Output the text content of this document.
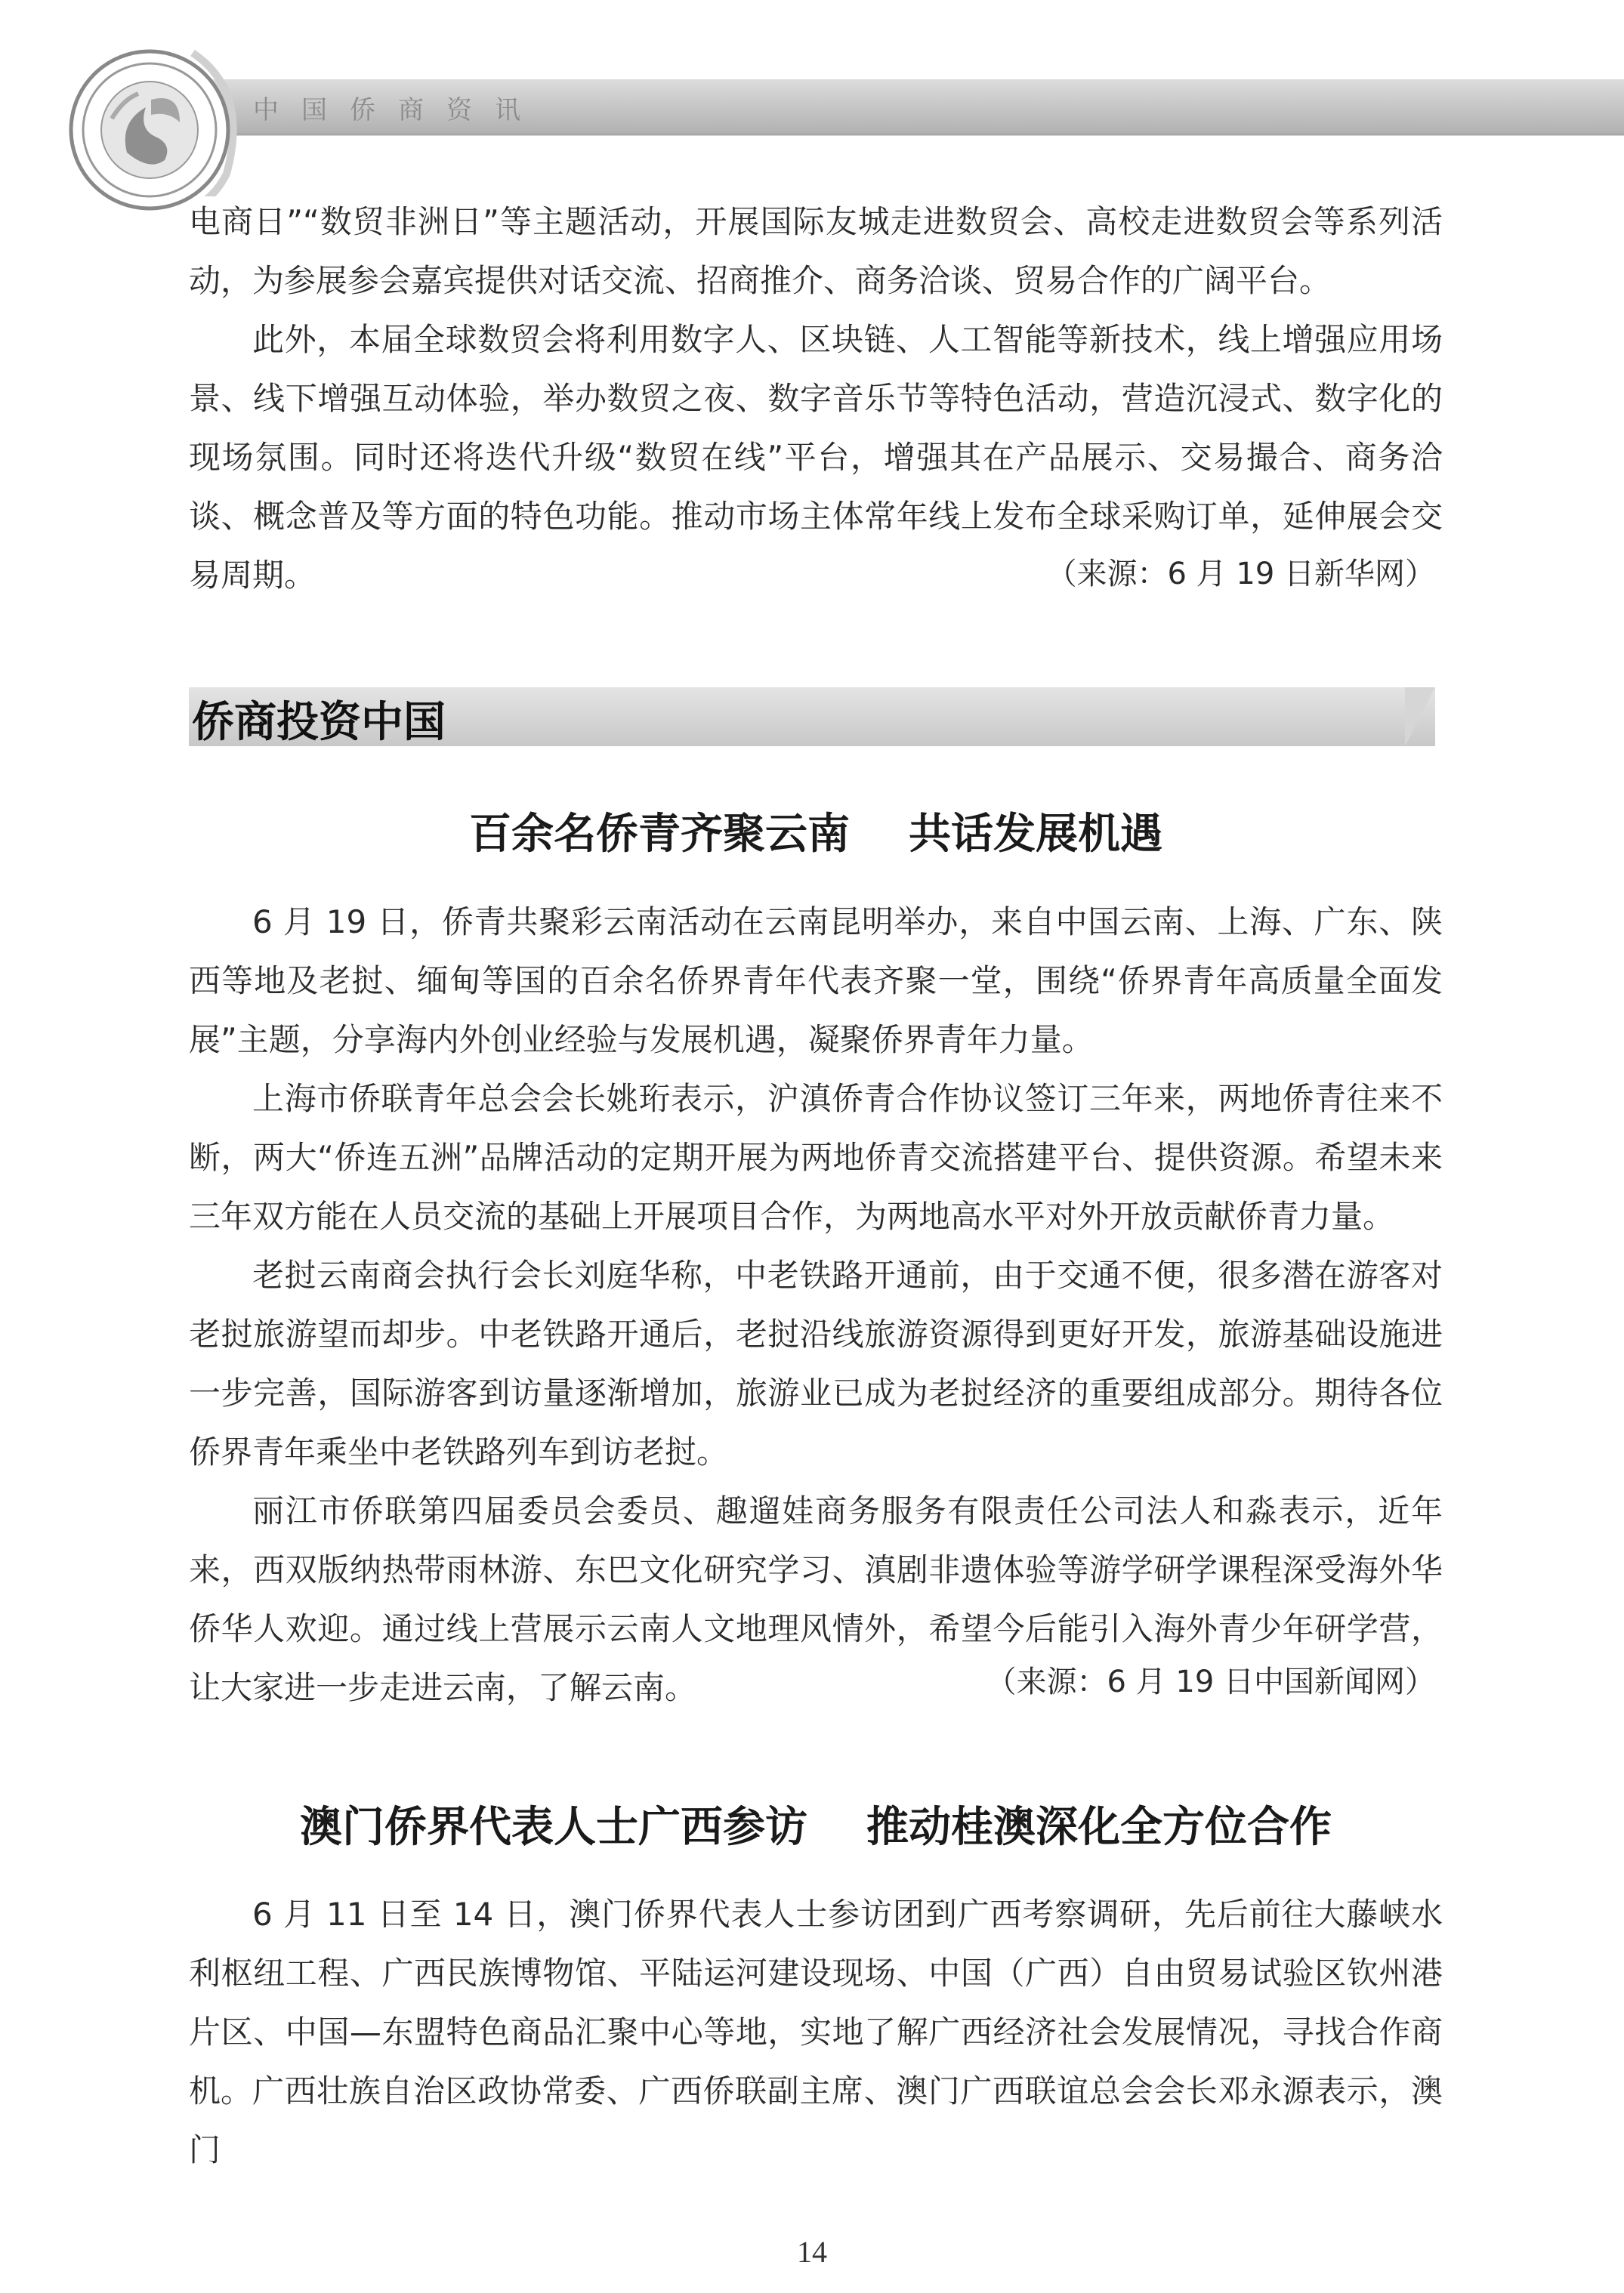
中国侨商资讯

电商日”“数贸非洲日”等主题活动，开展国际友城走进数贸会、高校走进数贸会等系列活动，为参展参会嘉宾提供对话交流、招商推介、商务洽谈、贸易合作的广阔平台。

此外，本届全球数贸会将利用数字人、区块链、人工智能等新技术，线上增强应用场景、线下增强互动体验，举办数贸之夜、数字音乐节等特色活动，营造沉浸式、数字化的现场氛围。同时还将迭代升级“数贸在线”平台，增强其在产品展示、交易撮合、商务洽谈、概念普及等方面的特色功能。推动市场主体常年线上发布全球采购订单，延伸展会交易周期。	（来源：6 月 19 日新华网）
侨商投资中国
百余名侨青齐聚云南    共话发展机遇

6 月 19 日，侨青共聚彩云南活动在云南昆明举办，来自中国云南、上海、广东、陕西等地及老挝、缅甸等国的百余名侨界青年代表齐聚一堂，围绕“侨界青年高质量全面发展”主题，分享海内外创业经验与发展机遇，凝聚侨界青年力量。

上海市侨联青年总会会长姚珩表示，沪滇侨青合作协议签订三年来，两地侨青往来不断，两大“侨连五洲”品牌活动的定期开展为两地侨青交流搭建平台、提供资源。希望未来三年双方能在人员交流的基础上开展项目合作，为两地高水平对外开放贡献侨青力量。

老挝云南商会执行会长刘庭华称，中老铁路开通前，由于交通不便，很多潜在游客对老挝旅游望而却步。中老铁路开通后，老挝沿线旅游资源得到更好开发，旅游基础设施进一步完善，国际游客到访量逐渐增加，旅游业已成为老挝经济的重要组成部分。期待各位侨界青年乘坐中老铁路列车到访老挝。

丽江市侨联第四届委员会委员、趣遛娃商务服务有限责任公司法人和淼表示，近年来，西双版纳热带雨林游、东巴文化研究学习、滇剧非遗体验等游学研学课程深受海外华侨华人欢迎。通过线上营展示云南人文地理风情外，希望今后能引入海外青少年研学营，让大家进一步走进云南，了解云南。	（来源：6 月 19 日中国新闻网）
澳门侨界代表人士广西参访    推动桂澳深化全方位合作

6 月 11 日至 14 日，澳门侨界代表人士参访团到广西考察调研，先后前往大藤峡水利枢纽工程、广西民族博物馆、平陆运河建设现场、中国（广西）自由贸易试验区钦州港片区、中国—东盟特色商品汇聚中心等地，实地了解广西经济社会发展情况，寻找合作商机。 广西壮族自治区政协常委、广西侨联副主席、澳门广西联谊总会会长邓永源表示，澳门

14
